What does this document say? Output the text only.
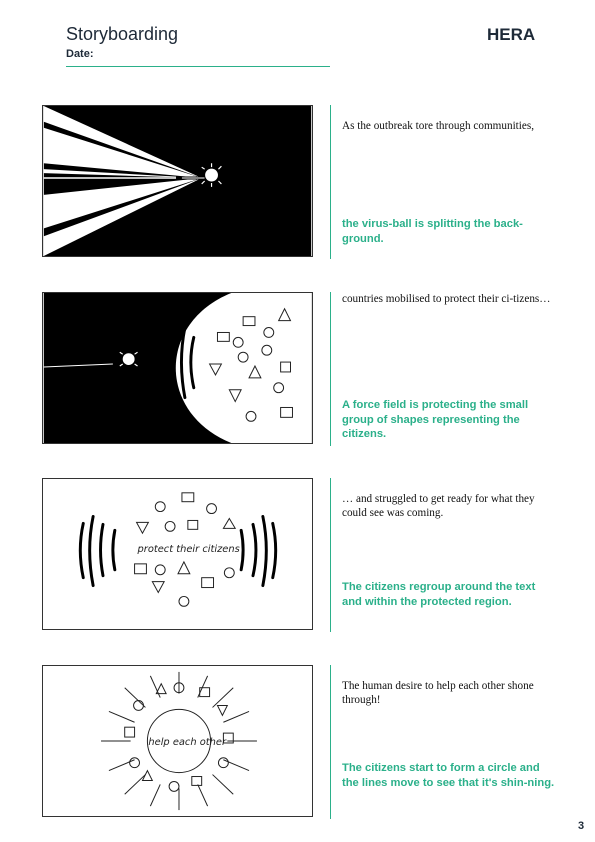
Storyboarding
Date:
HERA
As the outbreak tore through communities,
the virus-ball is splitting the back-ground.
countries mobilised to protect their ci-tizens…
A force field is protecting the small group of shapes representing the citizens.
protect their citizens
… and struggled to get ready for what they could see was coming.
The citizens regroup around the text and within the protected region.
help each other
The human desire to help each other shone through!
The citizens start to form a circle and the lines move to see that it's shin-ning.
3
